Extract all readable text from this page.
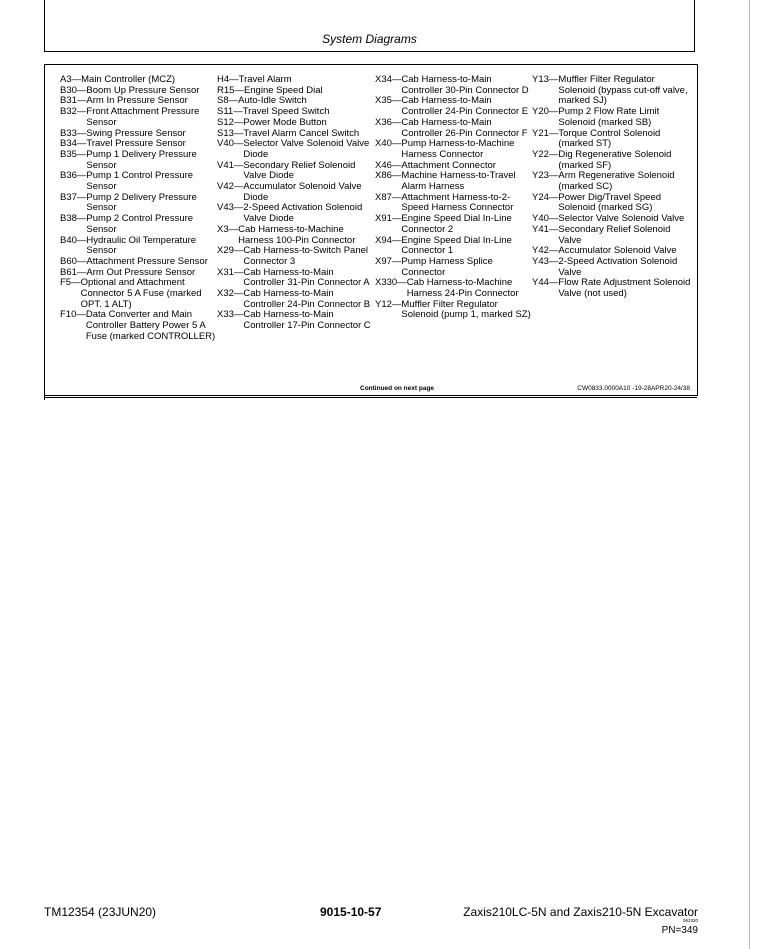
System Diagrams
A3— Main Controller (MCZ)
B30— Boom Up Pressure Sensor
B31— Arm In Pressure Sensor
B32— Front Attachment Pressure Sensor
B33— Swing Pressure Sensor
B34— Travel Pressure Sensor
B35— Pump 1 Delivery Pressure Sensor
B36— Pump 1 Control Pressure Sensor
B37— Pump 2 Delivery Pressure Sensor
B38— Pump 2 Control Pressure Sensor
B40— Hydraulic Oil Temperature Sensor
B60— Attachment Pressure Sensor
B61— Arm Out Pressure Sensor
F5— Optional and Attachment Connector 5 A Fuse (marked OPT. 1 ALT)
F10— Data Converter and Main Controller Battery Power 5 A Fuse (marked CONTROLLER)
H4— Travel Alarm
R15— Engine Speed Dial
S8— Auto-Idle Switch
S11— Travel Speed Switch
S12— Power Mode Button
S13— Travel Alarm Cancel Switch
V40— Selector Valve Solenoid Valve Diode
V41— Secondary Relief Solenoid Valve Diode
V42— Accumulator Solenoid Valve Diode
V43— 2-Speed Activation Solenoid Valve Diode
X3— Cab Harness-to-Machine Harness 100-Pin Connector
X29— Cab Harness-to-Switch Panel Connector 3
X31— Cab Harness-to-Main Controller 31-Pin Connector A
X32— Cab Harness-to-Main Controller 24-Pin Connector B
X33— Cab Harness-to-Main Controller 17-Pin Connector C
X34— Cab Harness-to-Main Controller 30-Pin Connector D
X35— Cab Harness-to-Main Controller 24-Pin Connector E
X36— Cab Harness-to-Main Controller 26-Pin Connector F
X40— Pump Harness-to-Machine Harness Connector
X46— Attachment Connector
X86— Machine Harness-to-Travel Alarm Harness
X87— Attachment Harness-to-2-Speed Harness Connector
X91— Engine Speed Dial In-Line Connector 2
X94— Engine Speed Dial In-Line Connector 1
X97— Pump Harness Splice Connector
X330— Cab Harness-to-Machine Harness 24-Pin Connector
Y12— Muffler Filter Regulator Solenoid (pump 1, marked SZ)
Y13— Muffler Filter Regulator Solenoid (bypass cut-off valve, marked SJ)
Y20— Pump 2 Flow Rate Limit Solenoid (marked SB)
Y21— Torque Control Solenoid (marked ST)
Y22— Dig Regenerative Solenoid (marked SF)
Y23— Arm Regenerative Solenoid (marked SC)
Y24— Power Dig/Travel Speed Solenoid (marked SG)
Y40— Selector Valve Solenoid Valve
Y41— Secondary Relief Solenoid Valve
Y42— Accumulator Solenoid Valve
Y43— 2-Speed Activation Solenoid Valve
Y44— Flow Rate Adjustment Solenoid Valve (not used)
Continued on next page	CW0833,0000A10 -19-28APR20-24/38
TM12354 (23JUN20)	9015-10-57	Zaxis210LC-5N and Zaxis210-5N Excavator
062320
PN=349
